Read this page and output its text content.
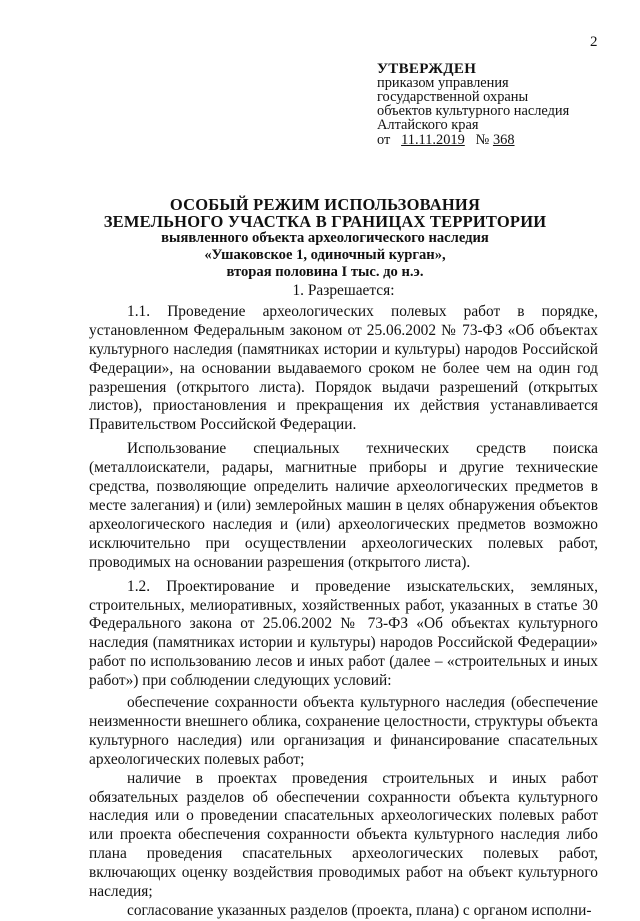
2
УТВЕРЖДЕН
приказом управления
государственной охраны
объектов культурного наследия
Алтайского края
от 11.11.2019 № 368
ОСОБЫЙ РЕЖИМ ИСПОЛЬЗОВАНИЯ
ЗЕМЕЛЬНОГО УЧАСТКА В ГРАНИЦАХ ТЕРРИТОРИИ
выявленного объекта археологического наследия
«Ушаковское 1, одиночный курган»,
вторая половина I тыс. до н.э.

1. Разрешается:

1.1. Проведение археологических полевых работ в порядке, установленном Федеральным законом от 25.06.2002 № 73-ФЗ «Об объектах культурного наследия (памятниках истории и культуры) народов Российской Федерации», на основании выдаваемого сроком не более чем на один год разрешения (открытого листа). Порядок выдачи разрешений (открытых листов), приостановления и прекращения их действия устанавливается Правительством Российской Федерации.

Использование специальных технических средств поиска (металлоискатели, радары, магнитные приборы и другие технические средства, позволяющие определить наличие археологических предметов в месте залегания) и (или) землеройных машин в целях обнаружения объектов археологического наследия и (или) археологических предметов возможно исключительно при осуществлении археологических полевых работ, проводимых на основании разрешения (открытого листа).

1.2. Проектирование и проведение изыскательских, земляных, строительных, мелиоративных, хозяйственных работ, указанных в статье 30 Федерального закона от 25.06.2002 № 73-ФЗ «Об объектах культурного наследия (памятниках истории и культуры) народов Российской Федерации» работ по использованию лесов и иных работ (далее – «строительных и иных работ») при соблюдении следующих условий:

обеспечение сохранности объекта культурного наследия (обеспечение неизменности внешнего облика, сохранение целостности, структуры объекта культурного наследия) или организация и финансирование спасательных археологических полевых работ;

наличие в проектах проведения строительных и иных работ обязательных разделов об обеспечении сохранности объекта культурного наследия или о проведении спасательных археологических полевых работ или проекта обеспечения сохранности объекта культурного наследия либо плана проведения спасательных археологических полевых работ, включающих оценку воздействия проводимых работ на объект культурного наследия;

согласование указанных разделов (проекта, плана) с органом исполни-
